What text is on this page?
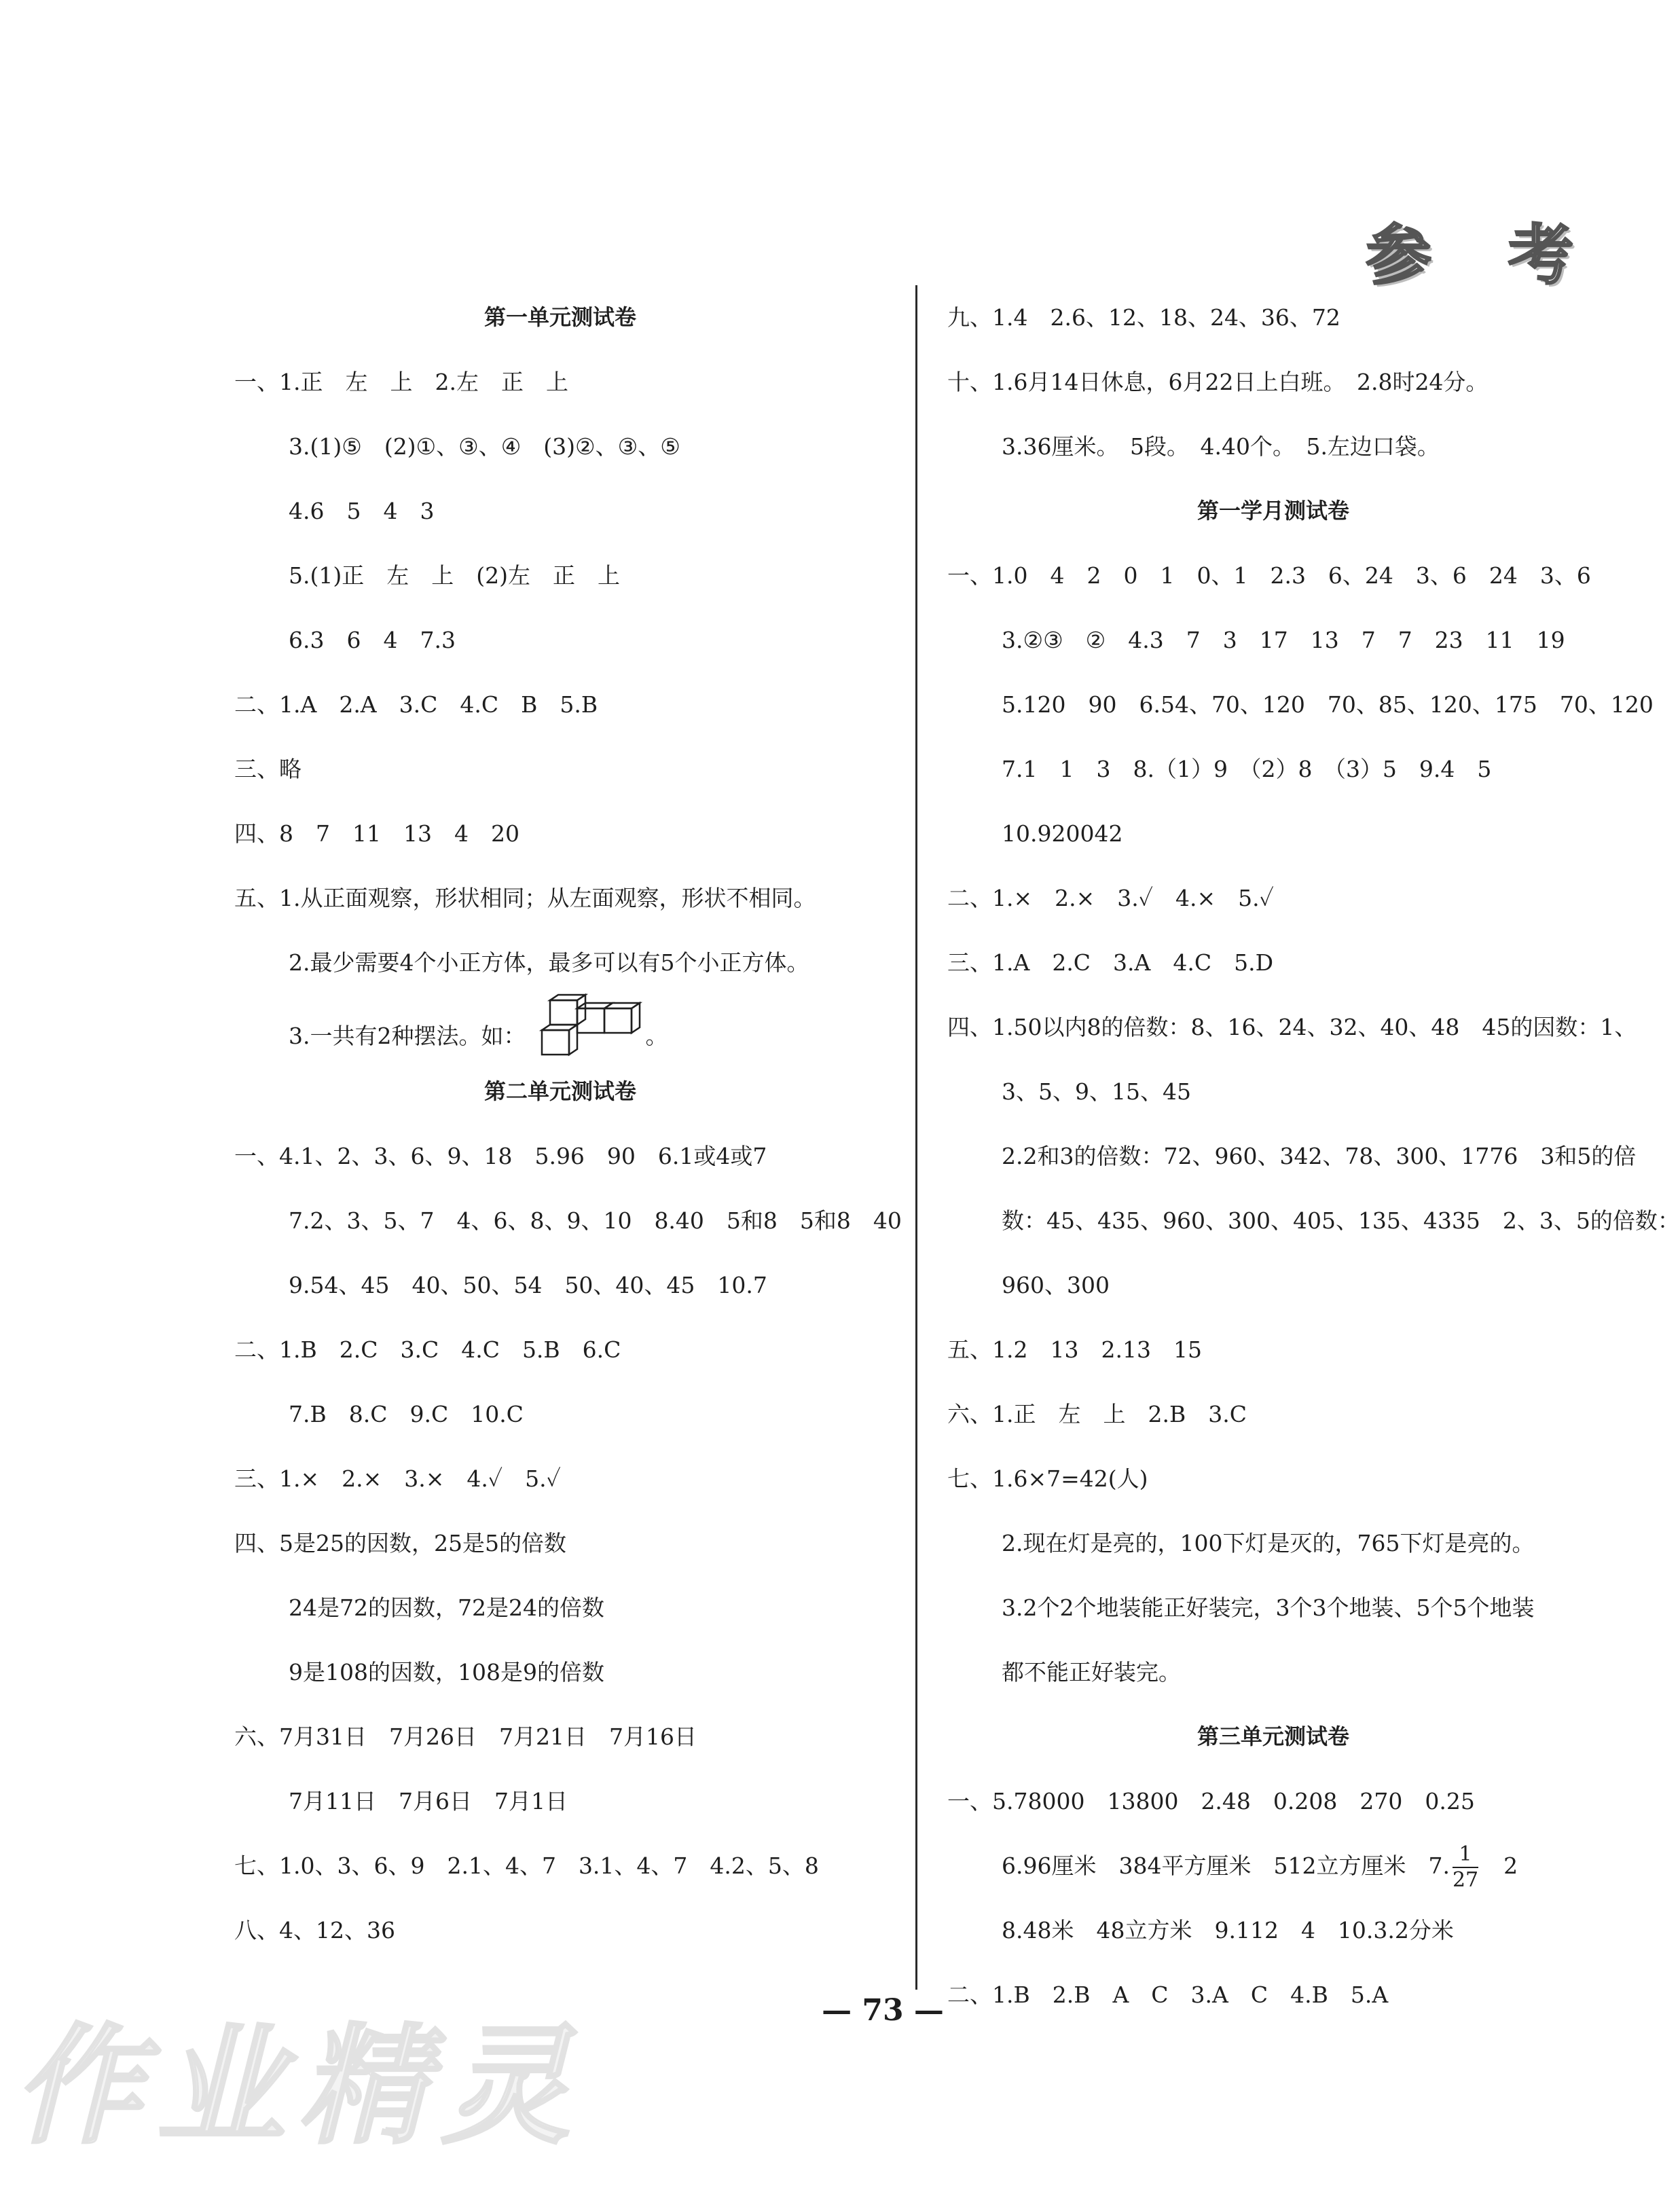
参 考
第一单元测试卷
一、1.正　左　上　2.左　正　上
3.(1)⑤　(2)①、③、④　(3)②、③、⑤
4.6　5　4　3
5.(1)正　左　上　(2)左　正　上
6.3　6　4　7.3
二、1.A　2.A　3.C　4.C　B　5.B
三、略
四、8　7　11　13　4　20
五、1.从正面观察，形状相同；从左面观察，形状不相同。
2.最少需要4个小正方体，最多可以有5个小正方体。
3.一共有2种摆法。如：	。
第二单元测试卷
一、4.1、2、3、6、9、18　5.96　90　6.1或4或7
7.2、3、5、7　4、6、8、9、10　8.40　5和8　5和8　40
9.54、45　40、50、54　50、40、45　10.7
二、1.B　2.C　3.C　4.C　5.B　6.C
7.B　8.C　9.C　10.C
三、1.×　2.×　3.×　4.✓　5.✓
四、5是25的因数，25是5的倍数
24是72的因数，72是24的倍数
9是108的因数，108是9的倍数
六、7月31日　7月26日　7月21日　7月16日
7月11日　7月6日　7月1日
七、1.0、3、6、9　2.1、4、7　3.1、4、7　4.2、5、8
八、4、12、36
九、1.4　2.6、12、18、24、36、72
十、1.6月14日休息，6月22日上白班。　2.8时24分。
3.36厘米。　5段。　4.40个。　5.左边口袋。
第一学月测试卷
一、1.0　4　2　0　1　0、1　2.3　6、24　3、6　24　3、6
3.②③　②　4.3　7　3　17　13　7　7　23　11　19
5.120　90　6.54、70、120　70、85、120、175　70、120
7.1　1　3　8.（1）9　（2）8　（3）5　9.4　5
10.920042
二、1.×　2.×　3.✓　4.×　5.✓
三、1.A　2.C　3.A　4.C　5.D
四、1.50以内8的倍数：8、16、24、32、40、48　45的因数：1、
3、5、9、15、45
2.2和3的倍数：72、960、342、78、300、1776　3和5的倍
数：45、435、960、300、405、135、4335　2、3、5的倍数：
960、300
五、1.2　13　2.13　15
六、1.正　左　上　2.B　3.C
七、1.6×7=42(人)
2.现在灯是亮的，100下灯是灭的，765下灯是亮的。
3.2个2个地装能正好装完，3个3个地装、5个5个地装
都不能正好装完。
第三单元测试卷
一、5.78000　13800　2.48　0.208　270　0.25
6.96厘米　384平方厘米　512立方厘米　7. $\frac{1}{27}$
　 2
8.48米　48立方米　9.112　4　10.3.2分米
二、1.B　2.B　A　C　3.A　C　4.B　5.A
— 73 —
作业精灵
